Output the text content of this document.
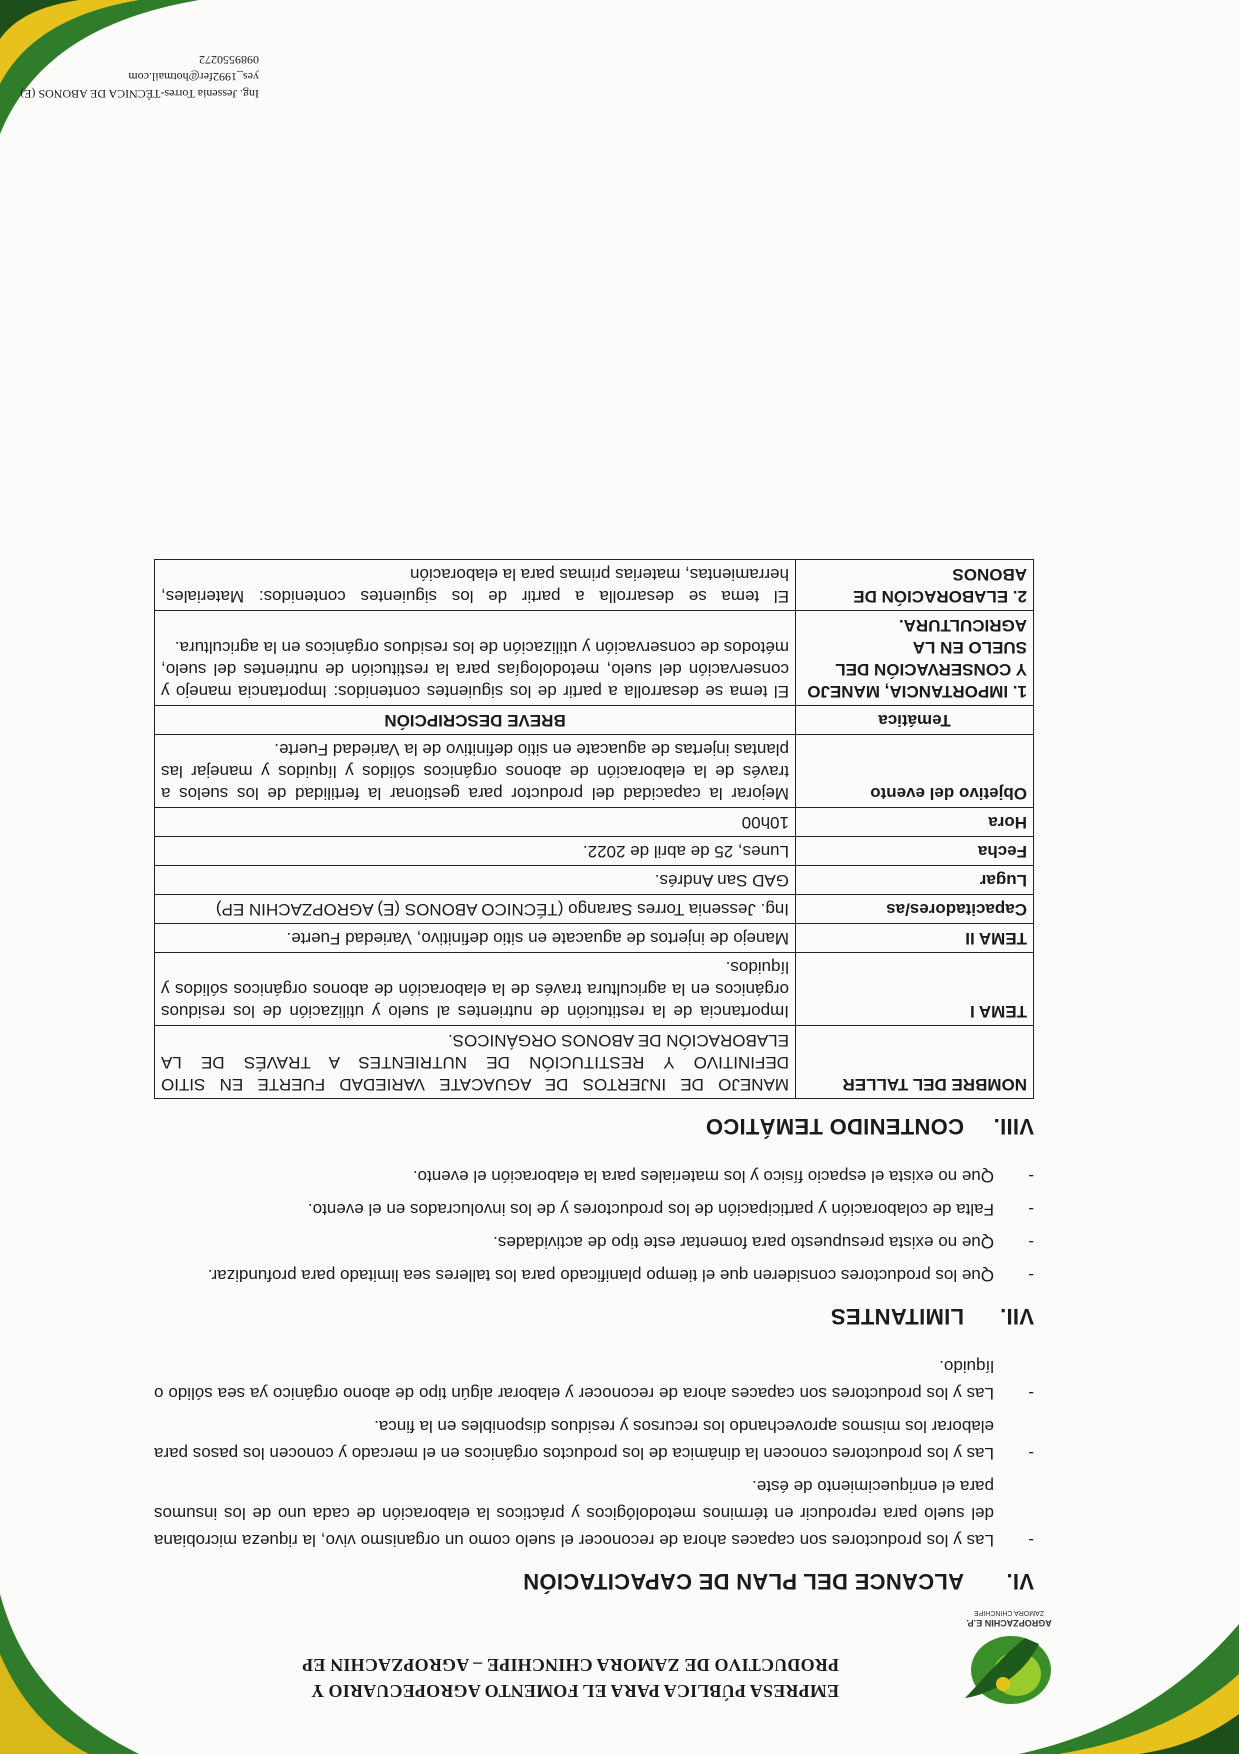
AGROPZACHIN E.P.
ZAMORA CHINCHIPE
EMPRESA PÚBLICA PARA EL FOMENTO AGROPECUARIO Y PRODUCTIVO DE ZAMORA CHINCHIPE – AGROPZACHIN EP
VI.ALCANCE DEL PLAN DE CAPACITACIÓN
- Las y los productores son capaces ahora de reconocer el suelo como un organismo vivo, la riqueza microbiana del suelo para reproducir en términos metodológicos y prácticos la elaboración de cada uno de los insumos para el enriquecimiento de éste.
- Las y los productores conocen la dinámica de los productos orgánicos en el mercado y conocen los pasos para elaborar los mismos aprovechando los recursos y residuos disponibles en la finca.
- Las y los productores son capaces ahora de reconocer y elaborar algún tipo de abono orgánico ya sea sólido o líquido.
VII.LIMITANTES
- Que los productores consideren que el tiempo planificado para los talleres sea limitado para profundizar.
- Que no exista presupuesto para fomentar este tipo de actividades.
- Falta de colaboración y participación de los productores y de los involucrados en el evento.
- Que no exista el espacio físico y los materiales para la elaboración el evento.
VIII.CONTENIDO TEMÁTICO
NOMBRE DEL TALLER	MANEJO DE INJERTOS DE AGUACATE VARIEDAD FUERTE EN SITIO DEFINITIVO Y RESTITUCIÓN DE NUTRIENTES A TRAVÉS DE LA ELABORACIÓN DE ABONOS ORGÁNICOS.
TEMA I	Importancia de la restitución de nutrientes al suelo y utilización de los residuos orgánicos en la agricultura través de la elaboración de abonos orgánicos sólidos y líquidos.
TEMA II	Manejo de injertos de aguacate en sitio definitivo, Variedad Fuerte.
Capacitadores/as	Ing. Jessenia Torres Sarango (TÉCNICO ABONOS (E) AGROPZACHIN EP)
Lugar	GAD San Andrés.
Fecha	Lunes, 25 de abril de 2022.
Hora	10h00
Objetivo del evento	Mejorar la capacidad del productor para gestionar la fertilidad de los suelos a través de la elaboración de abonos orgánicos sólidos y líquidos y manejar las plantas injertas de aguacate en sitio definitivo de la Variedad Fuerte.
Temática	BREVE DESCRIPCIÓN
1. IMPORTANCIA, MANEJO Y CONSERVACIÓN DEL SUELO EN LA AGRICULTURA.	El tema se desarrolla a partir de los siguientes contenidos: Importancia manejo y conservación del suelo, metodologías para la restitución de nutrientes del suelo, métodos de conservación y utilización de los residuos orgánicos en la agricultura.
2. ELABORACIÓN DE ABONOS	El tema se desarrolla a partir de los siguientes contenidos: Materiales, herramientas, materias primas para la elaboración
Ing. Jessenia Torres-TÉCNICA DE ABONOS (E)
yes_1992fer@hotmail.com
0989550272
